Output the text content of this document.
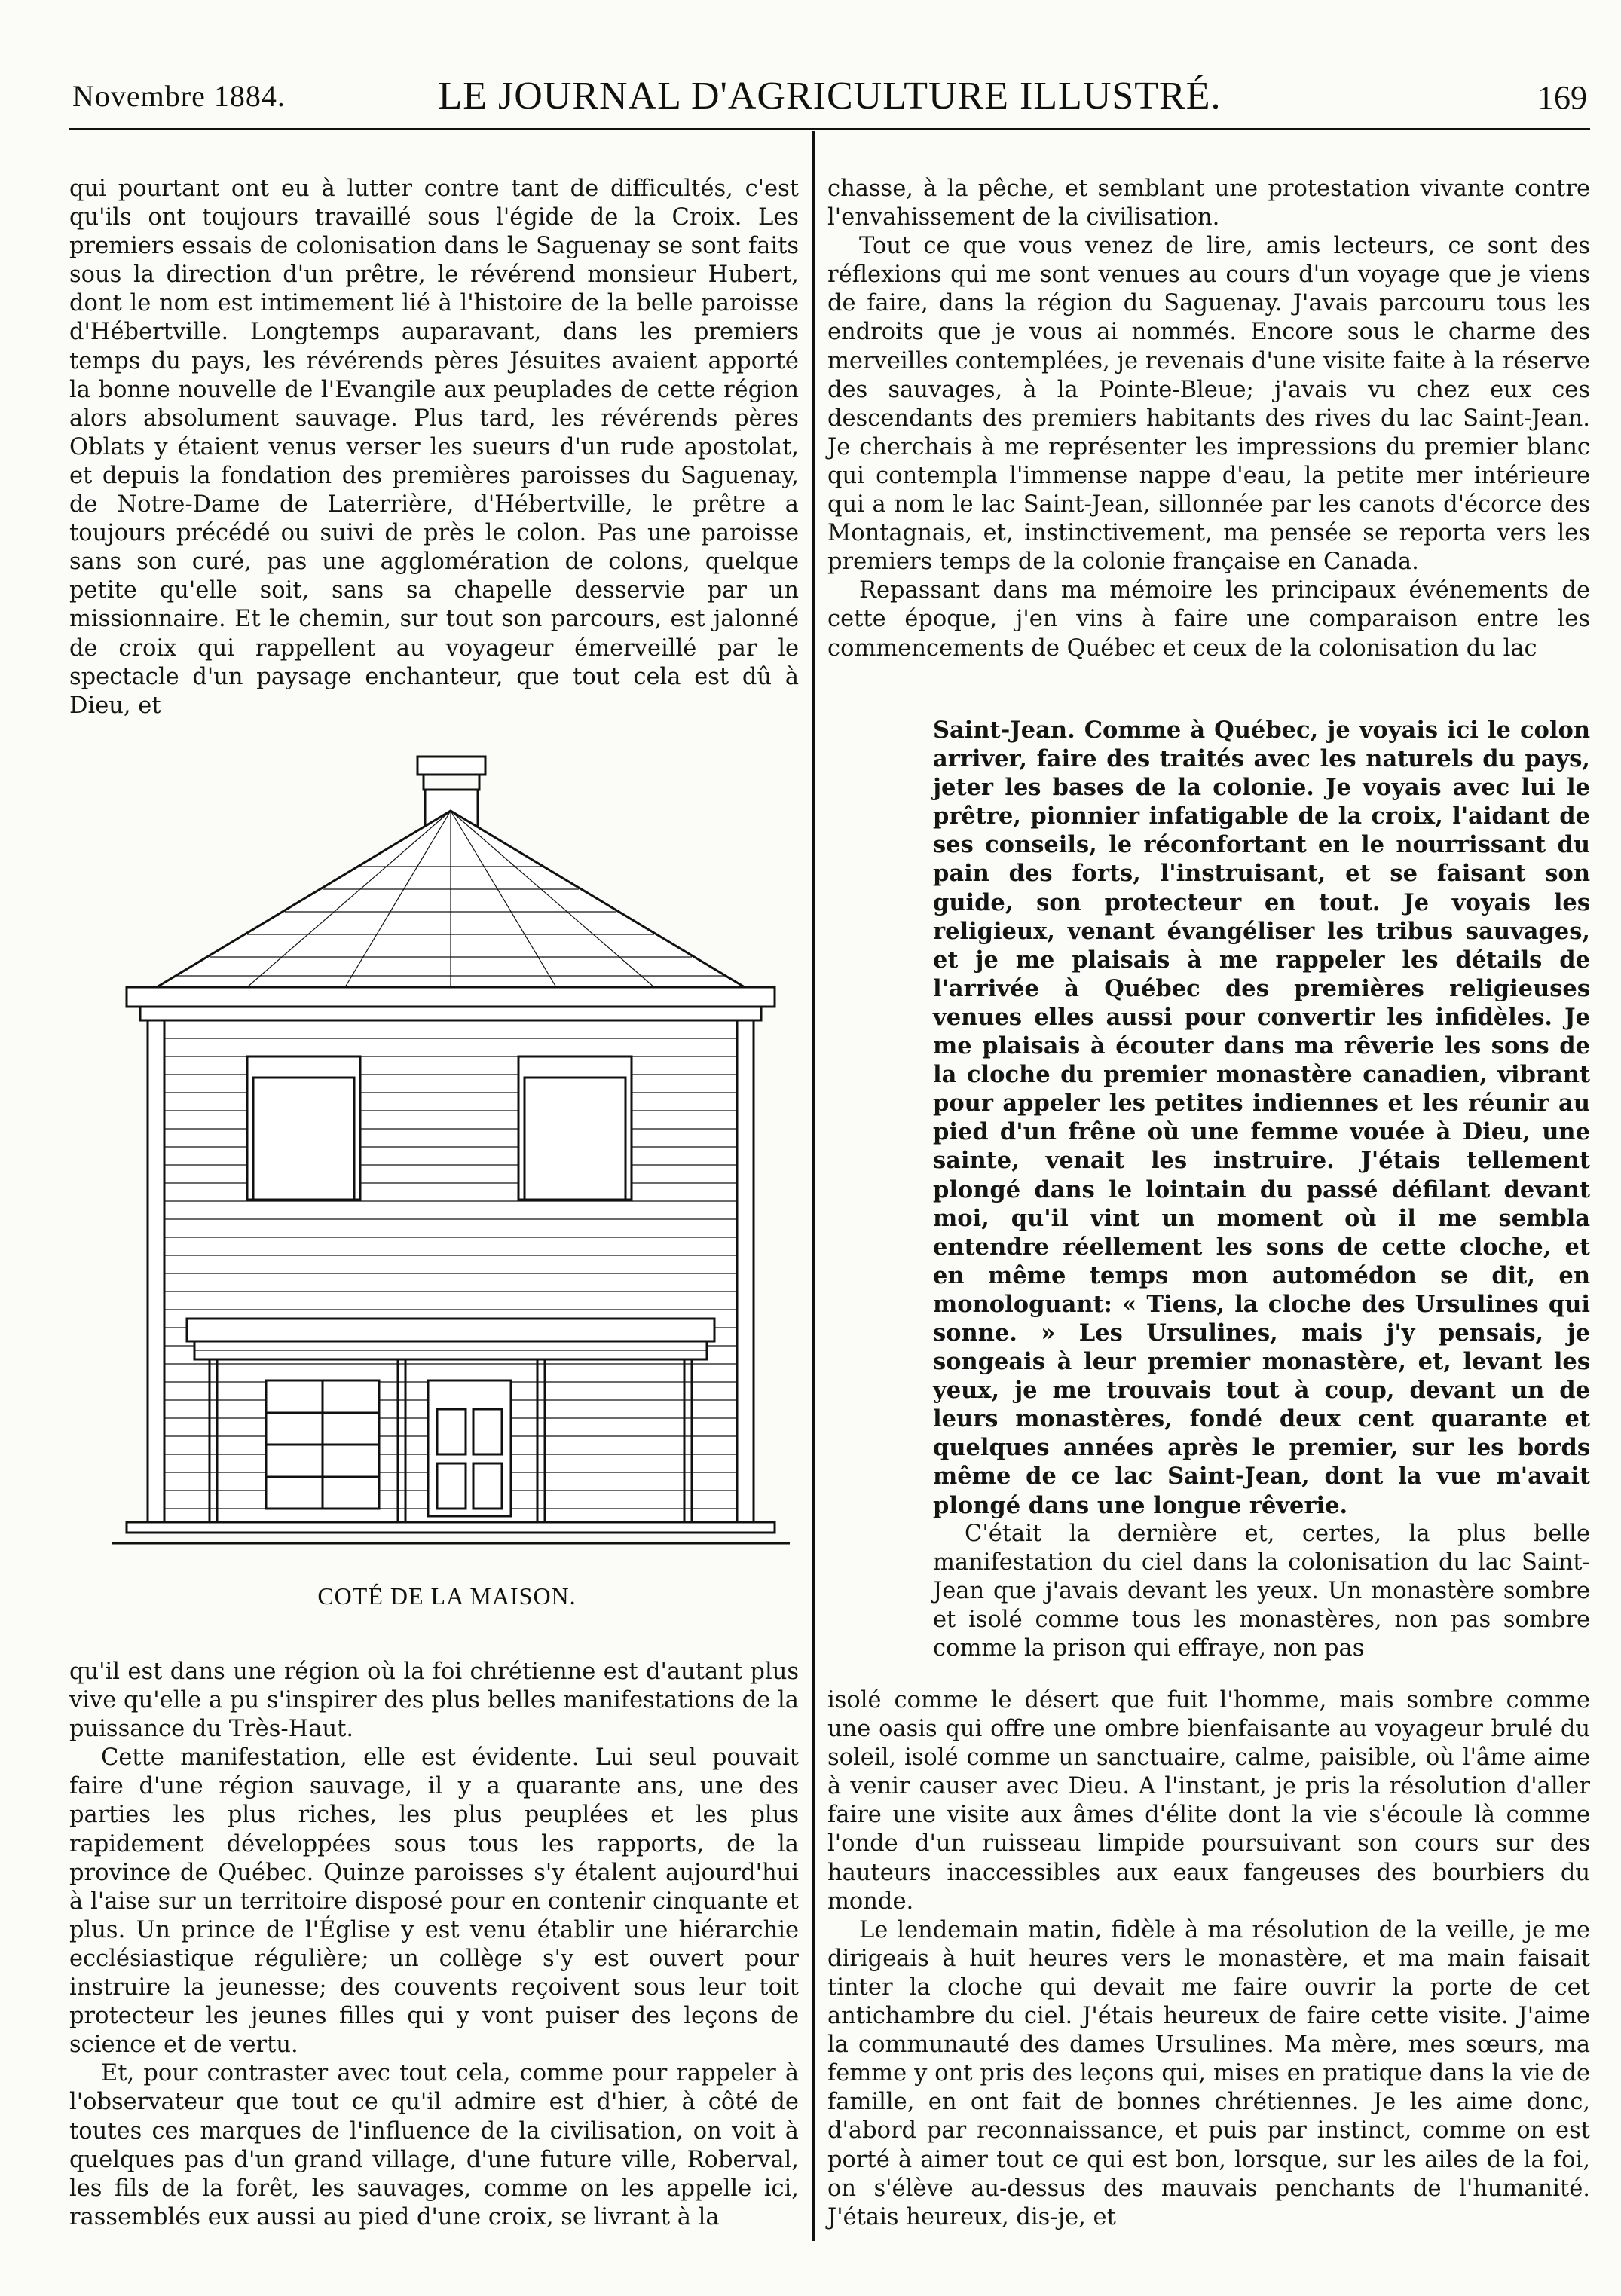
Novembre 1884.	LE JOURNAL D'AGRICULTURE ILLUSTRÉ.	169

qui pourtant ont eu à lutter contre tant de difficultés, c'est qu'ils ont toujours travaillé sous l'égide de la Croix. Les premiers essais de colonisation dans le Saguenay se sont faits sous la direction d'un prêtre, le révérend monsieur Hubert, dont le nom est intimement lié à l'histoire de la belle paroisse d'Hébertville. Longtemps auparavant, dans les premiers temps du pays, les révérends pères Jésuites avaient apporté la bonne nouvelle de l'Evangile aux peuplades de cette région alors absolument sauvage. Plus tard, les révérends pères Oblats y étaient venus verser les sueurs d'un rude apostolat, et depuis la fondation des premières paroisses du Saguenay, de Notre-Dame de Laterrière, d'Hébertville, le prêtre a toujours précédé ou suivi de près le colon. Pas une paroisse sans son curé, pas une agglomération de colons, quelque petite qu'elle soit, sans sa chapelle desservie par un missionnaire. Et le chemin, sur tout son parcours, est jalonné de croix qui rappellent au voyageur émerveillé par le spectacle d'un paysage enchanteur, que tout cela est dû à Dieu, et

COTÉ DE LA MAISON.

qu'il est dans une région où la foi chrétienne est d'autant plus vive qu'elle a pu s'inspirer des plus belles manifestations de la puissance du Très-Haut.

Cette manifestation, elle est évidente. Lui seul pouvait faire d'une région sauvage, il y a quarante ans, une des parties les plus riches, les plus peuplées et les plus rapidement développées sous tous les rapports, de la province de Québec. Quinze paroisses s'y étalent aujourd'hui à l'aise sur un territoire disposé pour en contenir cinquante et plus. Un prince de l'Église y est venu établir une hiérarchie ecclésiastique régulière; un collège s'y est ouvert pour instruire la jeunesse; des couvents reçoivent sous leur toit protecteur les jeunes filles qui y vont puiser des leçons de science et de vertu.

Et, pour contraster avec tout cela, comme pour rappeler à l'observateur que tout ce qu'il admire est d'hier, à côté de toutes ces marques de l'influence de la civilisation, on voit à quelques pas d'un grand village, d'une future ville, Roberval, les fils de la forêt, les sauvages, comme on les appelle ici, rassemblés eux aussi au pied d'une croix, se livrant à la

chasse, à la pêche, et semblant une protestation vivante contre l'envahissement de la civilisation.

Tout ce que vous venez de lire, amis lecteurs, ce sont des réflexions qui me sont venues au cours d'un voyage que je viens de faire, dans la région du Saguenay. J'avais parcouru tous les endroits que je vous ai nommés. Encore sous le charme des merveilles contemplées, je revenais d'une visite faite à la réserve des sauvages, à la Pointe-Bleue; j'avais vu chez eux ces descendants des premiers habitants des rives du lac Saint-Jean. Je cherchais à me représenter les impressions du premier blanc qui contempla l'immense nappe d'eau, la petite mer intérieure qui a nom le lac Saint-Jean, sillonnée par les canots d'écorce des Montagnais, et, instinctivement, ma pensée se reporta vers les premiers temps de la colonie française en Canada.

Repassant dans ma mémoire les principaux événements de cette époque, j'en vins à faire une comparaison entre les commencements de Québec et ceux de la colonisation du lac

Saint-Jean. Comme à Québec, je voyais ici le colon arriver, faire des traités avec les naturels du pays, jeter les bases de la colonie. Je voyais avec lui le prêtre, pionnier infatigable de la croix, l'aidant de ses conseils, le réconfortant en le nourrissant du pain des forts, l'instruisant, et se faisant son guide, son protecteur en tout. Je voyais les religieux, venant évangéliser les tribus sauvages, et je me plaisais à me rappeler les détails de l'arrivée à Québec des premières religieuses venues elles aussi pour convertir les infidèles. Je me plaisais à écouter dans ma rêverie les sons de la cloche du premier monastère canadien, vibrant pour appeler les petites indiennes et les réunir au pied d'un frêne où une femme vouée à Dieu, une sainte, venait les instruire. J'étais tellement plongé dans le lointain du passé défilant devant moi, qu'il vint un moment où il me sembla entendre réellement les sons de cette cloche, et en même temps mon automédon se dit, en monologuant: « Tiens, la cloche des Ursulines qui sonne. » Les Ursulines, mais j'y pensais, je songeais à leur premier monastère, et, levant les yeux, je me trouvais tout à coup, devant un de leurs monastères, fondé deux cent quarante et quelques années après le premier, sur les bords même de ce lac Saint-Jean, dont la vue m'avait plongé dans une longue rêverie.

C'était la dernière et, certes, la plus belle manifestation du ciel dans la colonisation du lac Saint-Jean que j'avais devant les yeux. Un monastère sombre et isolé comme tous les monastères, non pas sombre comme la prison qui effraye, non pas

isolé comme le désert que fuit l'homme, mais sombre comme une oasis qui offre une ombre bienfaisante au voyageur brulé du soleil, isolé comme un sanctuaire, calme, paisible, où l'âme aime à venir causer avec Dieu. A l'instant, je pris la résolution d'aller faire une visite aux âmes d'élite dont la vie s'écoule là comme l'onde d'un ruisseau limpide poursuivant son cours sur des hauteurs inaccessibles aux eaux fangeuses des bourbiers du monde.

Le lendemain matin, fidèle à ma résolution de la veille, je me dirigeais à huit heures vers le monastère, et ma main faisait tinter la cloche qui devait me faire ouvrir la porte de cet antichambre du ciel. J'étais heureux de faire cette visite. J'aime la communauté des dames Ursulines. Ma mère, mes sœurs, ma femme y ont pris des leçons qui, mises en pratique dans la vie de famille, en ont fait de bonnes chrétiennes. Je les aime donc, d'abord par reconnaissance, et puis par instinct, comme on est porté à aimer tout ce qui est bon, lorsque, sur les ailes de la foi, on s'élève au-dessus des mauvais penchants de l'humanité. J'étais heureux, dis-je, et
